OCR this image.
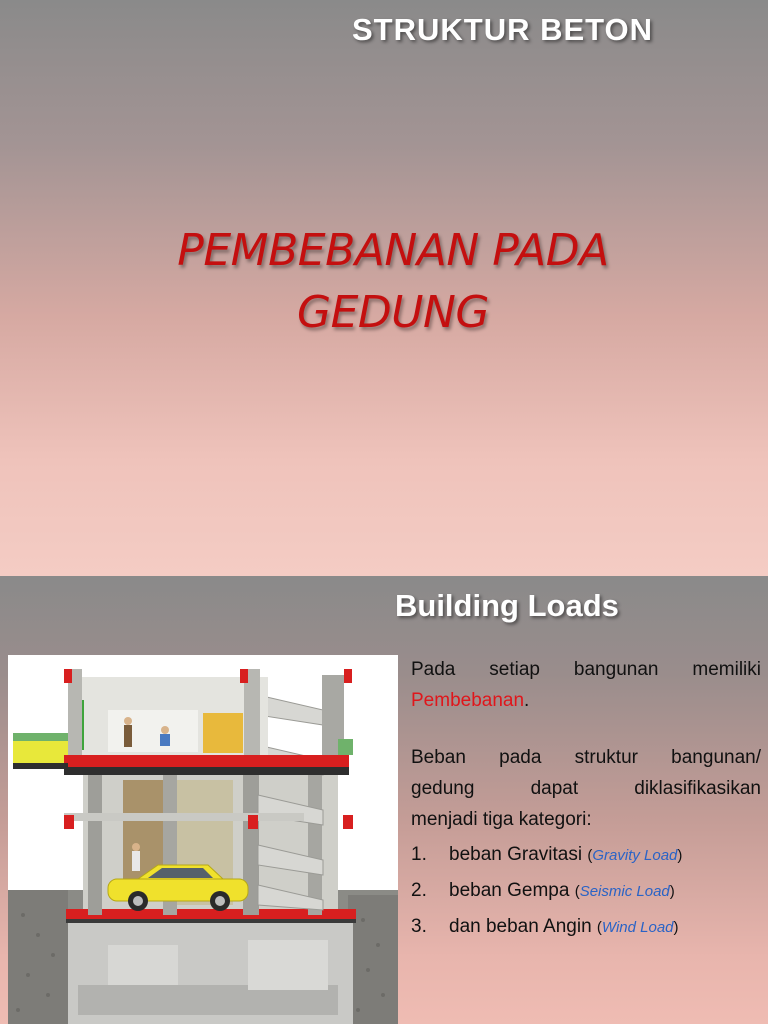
STRUKTUR BETON
PEMBEBANAN PADA
GEDUNG
Building Loads
Pada setiap bangunan memiliki
Pembebanan.
Beban pada struktur bangunan/
gedung dapat diklasifikasikan
menjadi tiga kategori:
1.	beban Gravitasi (Gravity Load)
2.	beban Gempa (Seismic Load)
3.	dan beban Angin (Wind Load)
